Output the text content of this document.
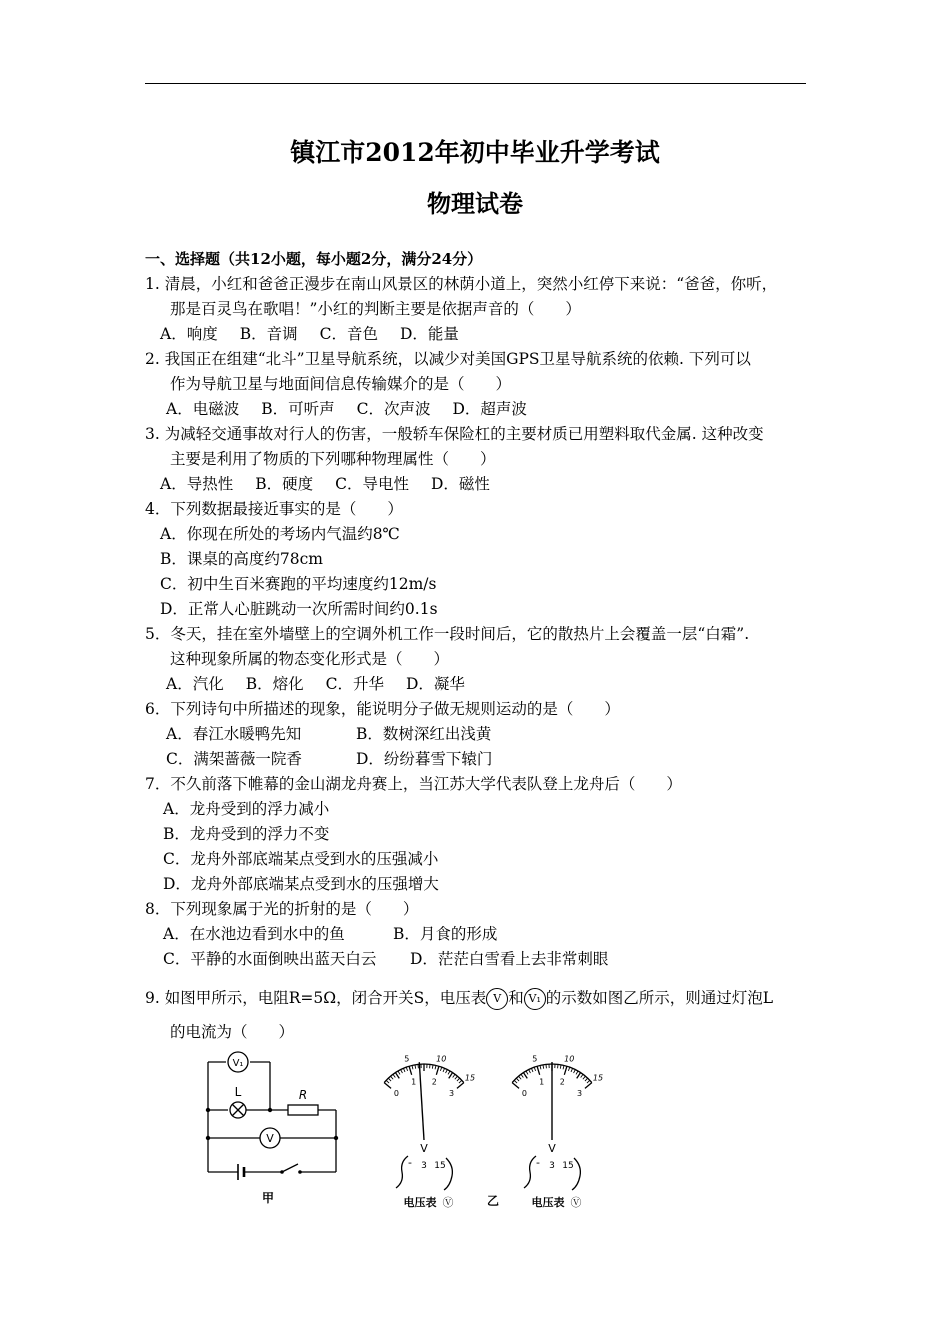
镇江市2012年初中毕业升学考试
物理试卷
一、选择题（共12小题，每小题2分，满分24分）
1. 清晨，小红和爸爸正漫步在南山风景区的林荫小道上，突然小红停下来说：“爸爸，你听，
那是百灵鸟在歌唱！”小红的判断主要是依据声音的（　　）
A．响度 B．音调 C．音色 D．能量
2. 我国正在组建“北斗”卫星导航系统，以减少对美国GPS卫星导航系统的依赖. 下列可以
作为导航卫星与地面间信息传输媒介的是（　　）
A．电磁波 B．可听声 C．次声波 D．超声波
3. 为减轻交通事故对行人的伤害，一般轿车保险杠的主要材质已用塑料取代金属. 这种改变
主要是利用了物质的下列哪种物理属性（　　）
A．导热性 B．硬度 C．导电性 D．磁性
4．下列数据最接近事实的是（　　）
A．你现在所处的考场内气温约8℃
B．课桌的高度约78cm
C．初中生百米赛跑的平均速度约12m/s
D．正常人心脏跳动一次所需时间约0.1s
5．冬天，挂在室外墙壁上的空调外机工作一段时间后，它的散热片上会覆盖一层“白霜”.
这种现象所属的物态变化形式是（　　）
A．汽化 B．熔化 C．升华 D．凝华
6．下列诗句中所描述的现象，能说明分子做无规则运动的是（　　）
A．春江水暖鸭先知	B．数树深红出浅黄
C．满架蔷薇一院香	D．纷纷暮雪下辕门
7．不久前落下帷幕的金山湖龙舟赛上，当江苏大学代表队登上龙舟后（　　）
A．龙舟受到的浮力减小
B．龙舟受到的浮力不变
C．龙舟外部底端某点受到水的压强减小
D．龙舟外部底端某点受到水的压强增大
8．下列现象属于光的折射的是（　　）
A．在水池边看到水中的鱼	B．月食的形成
C．平静的水面倒映出蓝天白云 D．茫茫白雪看上去非常刺眼
9. 如图甲所示，电阻R=5Ω，闭合开关S，电压表 V 和 V₁ 的示数如图乙所示，则通过灯泡L
的电流为（　　）
V₁
V
L	R
甲
5	10
15
0
1 2
3
V
- 3 15
电压表 Ⓥ
5	10
15
0
1 2
3
V
- 3 15
电压表 Ⓥ
乙
